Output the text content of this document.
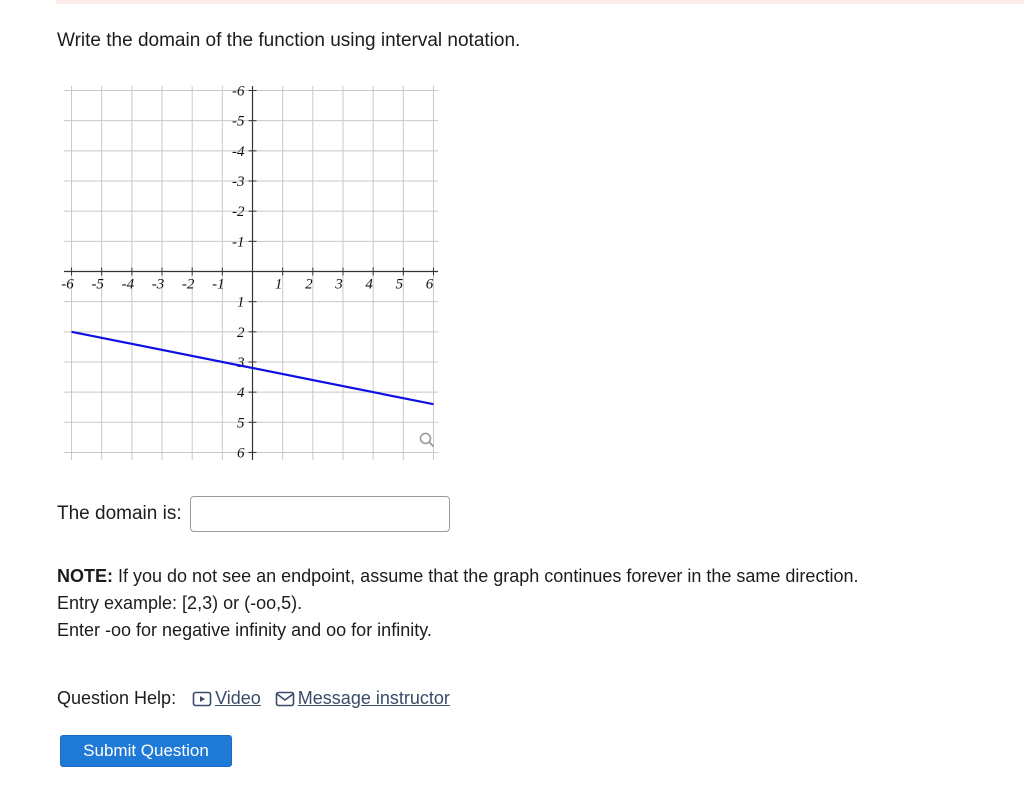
Write the domain of the function using interval notation.
-6 -5 -4 -3 -2 -1	1 2 3 4 5 6
6
5
4
3
2
1
-1
-2
-3
-4
-5
-6
The domain is:
NOTE: If you do not see an endpoint, assume that the graph continues forever in the same direction.
Entry example: [2,3) or (-oo,5).
Enter -oo for negative infinity and oo for infinity.
Question Help: Video Message instructor
Submit Question
